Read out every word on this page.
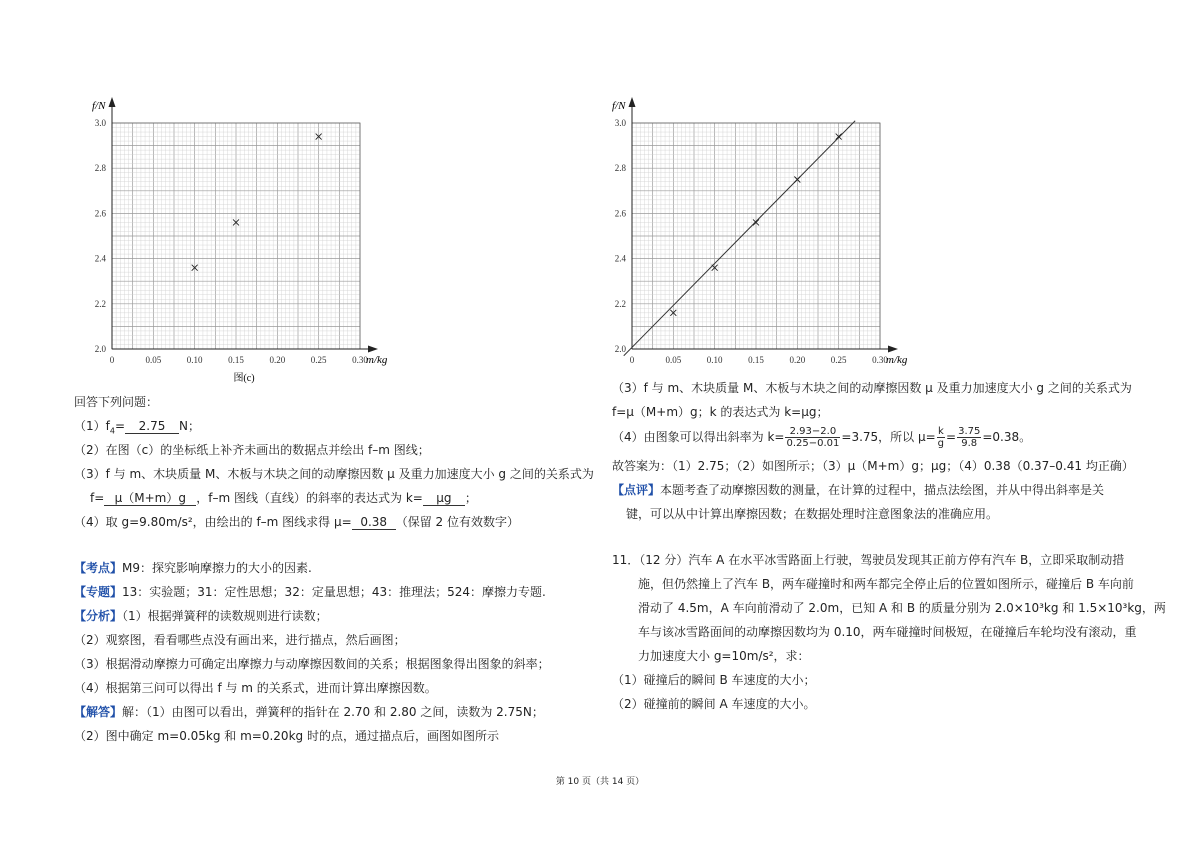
0	0.05	0.10	0.15	0.20	0.25	0.30
2.0
2.2
2.4
2.6
2.8
3.0
f/N
m/kg
图(c)
0	0.05	0.10	0.15	0.20	0.25	0.30
2.0
2.2
2.4
2.6
2.8
3.0
f/N
m/kg
回答下列问题：
$(1)f_4= 2.75$ N；
（2）在图（c）的坐标纸上补齐未画出的数据点并绘出 f–m 图线；
（3）f 与 m、木块质量 M、木板与木块之间的动摩擦因数 μ 及重力加速度大小 g 之间的关系式为
f= μ（M+m）g ，f–m 图线（直线）的斜率的表达式为 k= μg ；
（4）取 g=9.80m/s²，由绘出的 f–m 图线求得 μ= 0.38 （保留 2 位有效数字）
【考点】M9：探究影响摩擦力的大小的因素.
【专题】13：实验题；31：定性思想；32：定量思想；43：推理法；524：摩擦力专题.
【分析】（1）根据弹簧秤的读数规则进行读数；
（2）观察图，看看哪些点没有画出来，进行描点，然后画图；
（3）根据滑动摩擦力可确定出摩擦力与动摩擦因数间的关系；根据图象得出图象的斜率；
（4）根据第三问可以得出 f 与 m 的关系式，进而计算出摩擦因数。
【解答】解：（1）由图可以看出，弹簧秤的指针在 2.70 和 2.80 之间，读数为 2.75N；
（2）图中确定 m=0.05kg 和 m=0.20kg 时的点，通过描点后，画图如图所示
（3）f 与 m、木块质量 M、木板与木块之间的动摩擦因数 μ 及重力加速度大小 g 之间的关系式为
f=μ（M+m）g；k 的表达式为 k=μg；
（4）由图象可以得出斜率为 $k= \frac{2.93-2.0}{0.25-0.01} =3.75$，所以 $\mu= \frac{k}{g} = \frac{3.75}{9.8} =0.38$。
故答案为：（1）2.75；（2）如图所示；（3）μ（M+m）g；μg；（4）0.38（0.37–0.41 均正确）
【点评】本题考查了动摩擦因数的测量，在计算的过程中，描点法绘图，并从中得出斜率是关
键，可以从中计算出摩擦因数；在数据处理时注意图象法的准确应用。
11．（12 分）汽车 A 在水平冰雪路面上行驶，驾驶员发现其正前方停有汽车 B，立即采取制动措
施，但仍然撞上了汽车 B，两车碰撞时和两车都完全停止后的位置如图所示，碰撞后 B 车向前
滑动了 4.5m，A 车向前滑动了 2.0m，已知 A 和 B 的质量分别为 2.0×10³kg 和 1.5×10³kg，两
车与该冰雪路面间的动摩擦因数均为 0.10，两车碰撞时间极短，在碰撞后车轮均没有滚动，重
力加速度大小 g=10m/s²，求：
（1）碰撞后的瞬间 B 车速度的大小；
（2）碰撞前的瞬间 A 车速度的大小。
第 10 页（共 14 页）
